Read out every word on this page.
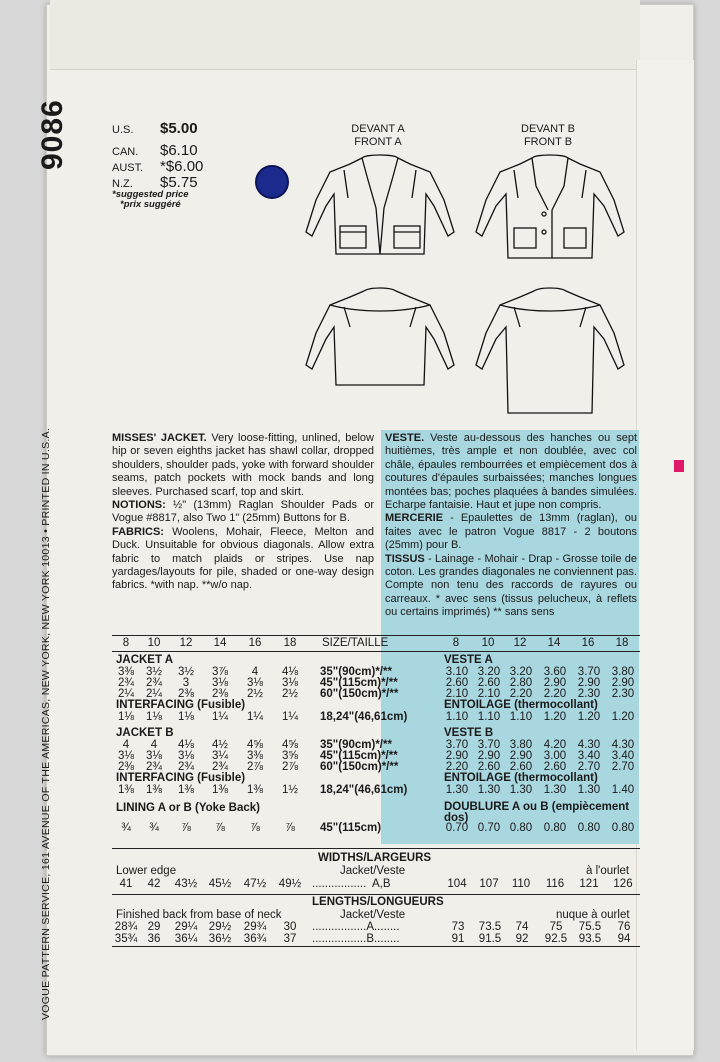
9086
VOGUE PATTERN SERVICE, 161 AVENUE OF THE AMERICAS, NEW YORK, NEW YORK 10013 • PRINTED IN U.S.A.
U.S.	$5.00
CAN.	$6.10
AUST.	*$6.00
N.Z.	$5.75
*suggested price
*prix suggéré
DEVANT A
FRONT A
DEVANT B
FRONT B
MISSES' JACKET. Very loose-fitting, unlined, below hip or seven eighths jacket has shawl collar, dropped shoulders, shoulder pads, yoke with forward shoulder seams, patch pockets with mock bands and long sleeves. Purchased scarf, top and skirt.
NOTIONS: ½" (13mm) Raglan Shoulder Pads or Vogue #8817, also Two 1" (25mm) Buttons for B.
FABRICS: Woolens, Mohair, Fleece, Melton and Duck. Unsuitable for obvious diagonals. Allow extra fabric to match plaids or stripes. Use nap yardages/layouts for pile, shaded or one-way design fabrics. *with nap. **w/o nap.
VESTE. Veste au-dessous des hanches ou sept huitièmes, très ample et non doublée, avec col châle, épaules rembourrées et empiècement dos à coutures d'épaules surbaissées; manches longues montées bas; poches plaquées à bandes simulées. Echarpe fantaisie. Haut et jupe non compris.
MERCERIE - Epaulettes de 13mm (raglan), ou faites avec le patron Vogue 8817 - 2 boutons (25mm) pour B.
TISSUS - Lainage - Mohair - Drap - Grosse toile de coton. Les grandes diagonales ne conviennent pas. Compte non tenu des raccords de rayures ou carreaux. * avec sens (tissus pelucheux, à reflets ou certains imprimés) ** sans sens
8	10	12	14	16	18	SIZE/TAILLE	8	10	12	14	16	18
JACKET A	VESTE A
3⅜	3½	3½	3⅞	4	4⅛	35"(90cm)*/**	3.10 3.20 3.20 3.60 3.70 3.80
2¾	2¾	3	3⅛	3⅛	3⅛	45"(115cm)*/**	2.60 2.60 2.80 2.90 2.90 2.90
2¼	2¼	2⅜	2⅜	2½	2½	60"(150cm)*/**	2.10 2.10 2.20 2.20 2.30 2.30
INTERFACING (Fusible)	ENTOILAGE (thermocollant)
1⅛	1⅛	1⅛	1¼	1¼	1¼	18,24"(46,61cm)	1.10 1.10 1.10 1.20 1.20 1.20
JACKET B	VESTE B
4	4	4⅛	4½	4⅝	4⅝	35"(90cm)*/**	3.70 3.70 3.80 4.20 4.30 4.30
3⅛	3⅛	3⅛	3¼	3⅜	3⅝	45"(115cm)*/**	2.90 2.90 2.90 3.00 3.40 3.40
2⅜	2¾	2¾	2¾	2⅞	2⅞	60"(150cm)*/**	2.20 2.60 2.60 2.60 2.70 2.70
INTERFACING (Fusible)	ENTOILAGE (thermocollant)
1⅜	1⅜	1⅜	1⅜	1⅜	1½	18,24"(46,61cm)	1.30 1.30 1.30 1.30 1.30 1.40
LINING A or B (Yoke Back)	DOUBLURE A ou B (empiècement dos)
¾	¾	⅞	⅞	⅞	⅞	45"(115cm)	0.70 0.70 0.80 0.80 0.80 0.80
WIDTHS/LARGEURS
Lower edge	Jacket/Veste	à l'ourlet
41	42	43½ 45½ 47½ 49½ ................. A,B	104	107	110	116	121	126
LENGTHS/LONGUEURS
Finished back from base of neck	Jacket/Veste	nuque à ourlet
28¾ 29	29¼ 29½ 29¾	30	.................A........	73	73.5	74	75	75.5	76
35¾ 36	36¼ 36½ 36¾	37	.................B........	91	91.5	92	92.5	93.5	94
